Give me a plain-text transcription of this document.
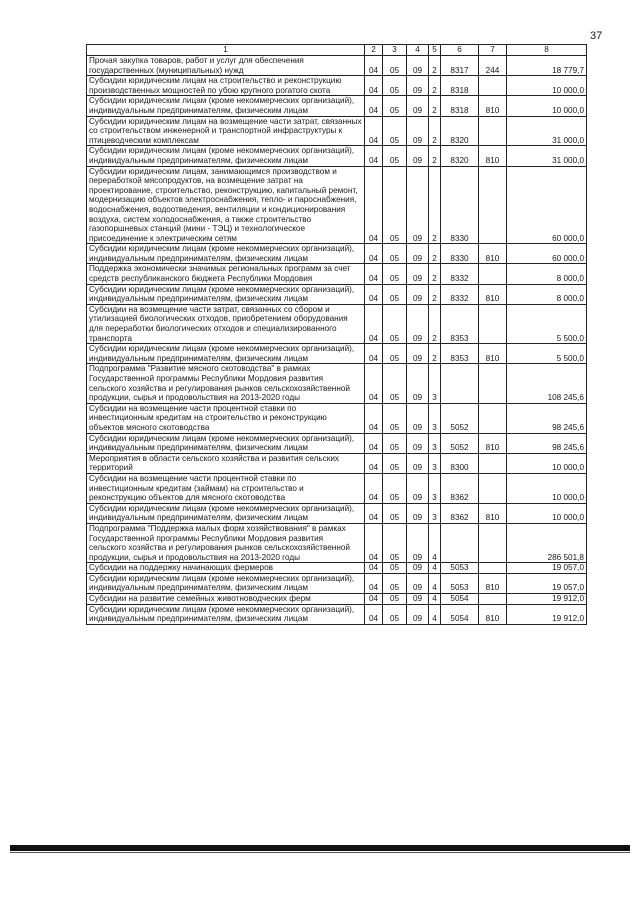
37
1	2	3	4	5	6	7	8
Прочая закупка товаров, работ и услуг для обеспечения государственных (муниципальных) нужд	04	05	09	2	8317	244	18 779,7
Субсидии юридическим лицам на строительство и реконструкцию производственных мощностей по убою крупного рогатого скота	04	05	09	2	8318		10 000,0
Субсидии юридическим лицам (кроме некоммерческих организаций), индивидуальным предпринимателям, физическим лицам	04	05	09	2	8318	810	10 000,0
Субсидии юридическим лицам на возмещение части затрат, связанных со строительством инженерной и транспортной инфраструктуры к птицеводческим комплексам	04	05	09	2	8320		31 000,0
Субсидии юридическим лицам (кроме некоммерческих организаций), индивидуальным предпринимателям, физическим лицам	04	05	09	2	8320	810	31 000,0
Субсидии юридическим лицам, занимающимся производством и переработкой мясопродуктов, на возмещение затрат на проектирование, строительство, реконструкцию, капитальный ремонт, модернизацию объектов электроснабжения, тепло- и пароснабжения, водоснабжения, водоотведения, вентиляции и кондиционирования воздуха, систем холодоснабжения, а также строительство газопоршневых станций (мини - ТЭЦ) и технологическое присоединение к электрическим сетям	04	05	09	2	8330		60 000,0
Субсидии юридическим лицам (кроме некоммерческих организаций), индивидуальным предпринимателям, физическим лицам	04	05	09	2	8330	810	60 000,0
Поддержка экономически значимых региональных программ за счет средств республиканского бюджета Республики Мордовия	04	05	09	2	8332		8 000,0
Субсидии юридическим лицам (кроме некоммерческих организаций), индивидуальным предпринимателям, физическим лицам	04	05	09	2	8332	810	8 000,0
Субсидии на возмещение части затрат, связанных со сбором и утилизацией биологических отходов, приобретением оборудования для переработки биологических отходов и специализированного транспорта	04	05	09	2	8353		5 500,0
Субсидии юридическим лицам (кроме некоммерческих организаций), индивидуальным предпринимателям, физическим лицам	04	05	09	2	8353	810	5 500,0
Подпрограмма "Развитие мясного скотоводства" в рамках Государственной программы Республики Мордовия развития сельского хозяйства и регулирования рынков сельскохозяйственной продукции, сырья и продовольствия на 2013-2020 годы	04	05	09	3			108 245,6
Субсидии на возмещение части процентной ставки по инвестиционным кредитам на строительство и реконструкцию объектов мясного скотоводства	04	05	09	3	5052		98 245,6
Субсидии юридическим лицам (кроме некоммерческих организаций), индивидуальным предпринимателям, физическим лицам	04	05	09	3	5052	810	98 245,6
Мероприятия в области сельского хозяйства и развития сельских территорий	04	05	09	3	8300		10 000,0
Субсидии на возмещение части процентной ставки по инвестиционным кредитам (займам) на строительство и реконструкцию объектов для мясного скотоводства	04	05	09	3	8362		10 000,0
Субсидии юридическим лицам (кроме некоммерческих организаций), индивидуальным предпринимателям, физическим лицам	04	05	09	3	8362	810	10 000,0
Подпрограмма "Поддержка малых форм хозяйствования" в рамках Государственной программы Республики Мордовия развития сельского хозяйства и регулирования рынков сельскохозяйственной продукции, сырья и продовольствия на 2013-2020 годы	04	05	09	4			286 501,8
Субсидии на поддержку начинающих фермеров	04	05	09	4	5053		19 057,0
Субсидии юридическим лицам (кроме некоммерческих организаций), индивидуальным предпринимателям, физическим лицам	04	05	09	4	5053	810	19 057,0
Субсидии на развитие семейных животноводческих ферм	04	05	09	4	5054		19 912,0
Субсидии юридическим лицам (кроме некоммерческих организаций), индивидуальным предпринимателям, физическим лицам	04	05	09	4	5054	810	19 912,0
